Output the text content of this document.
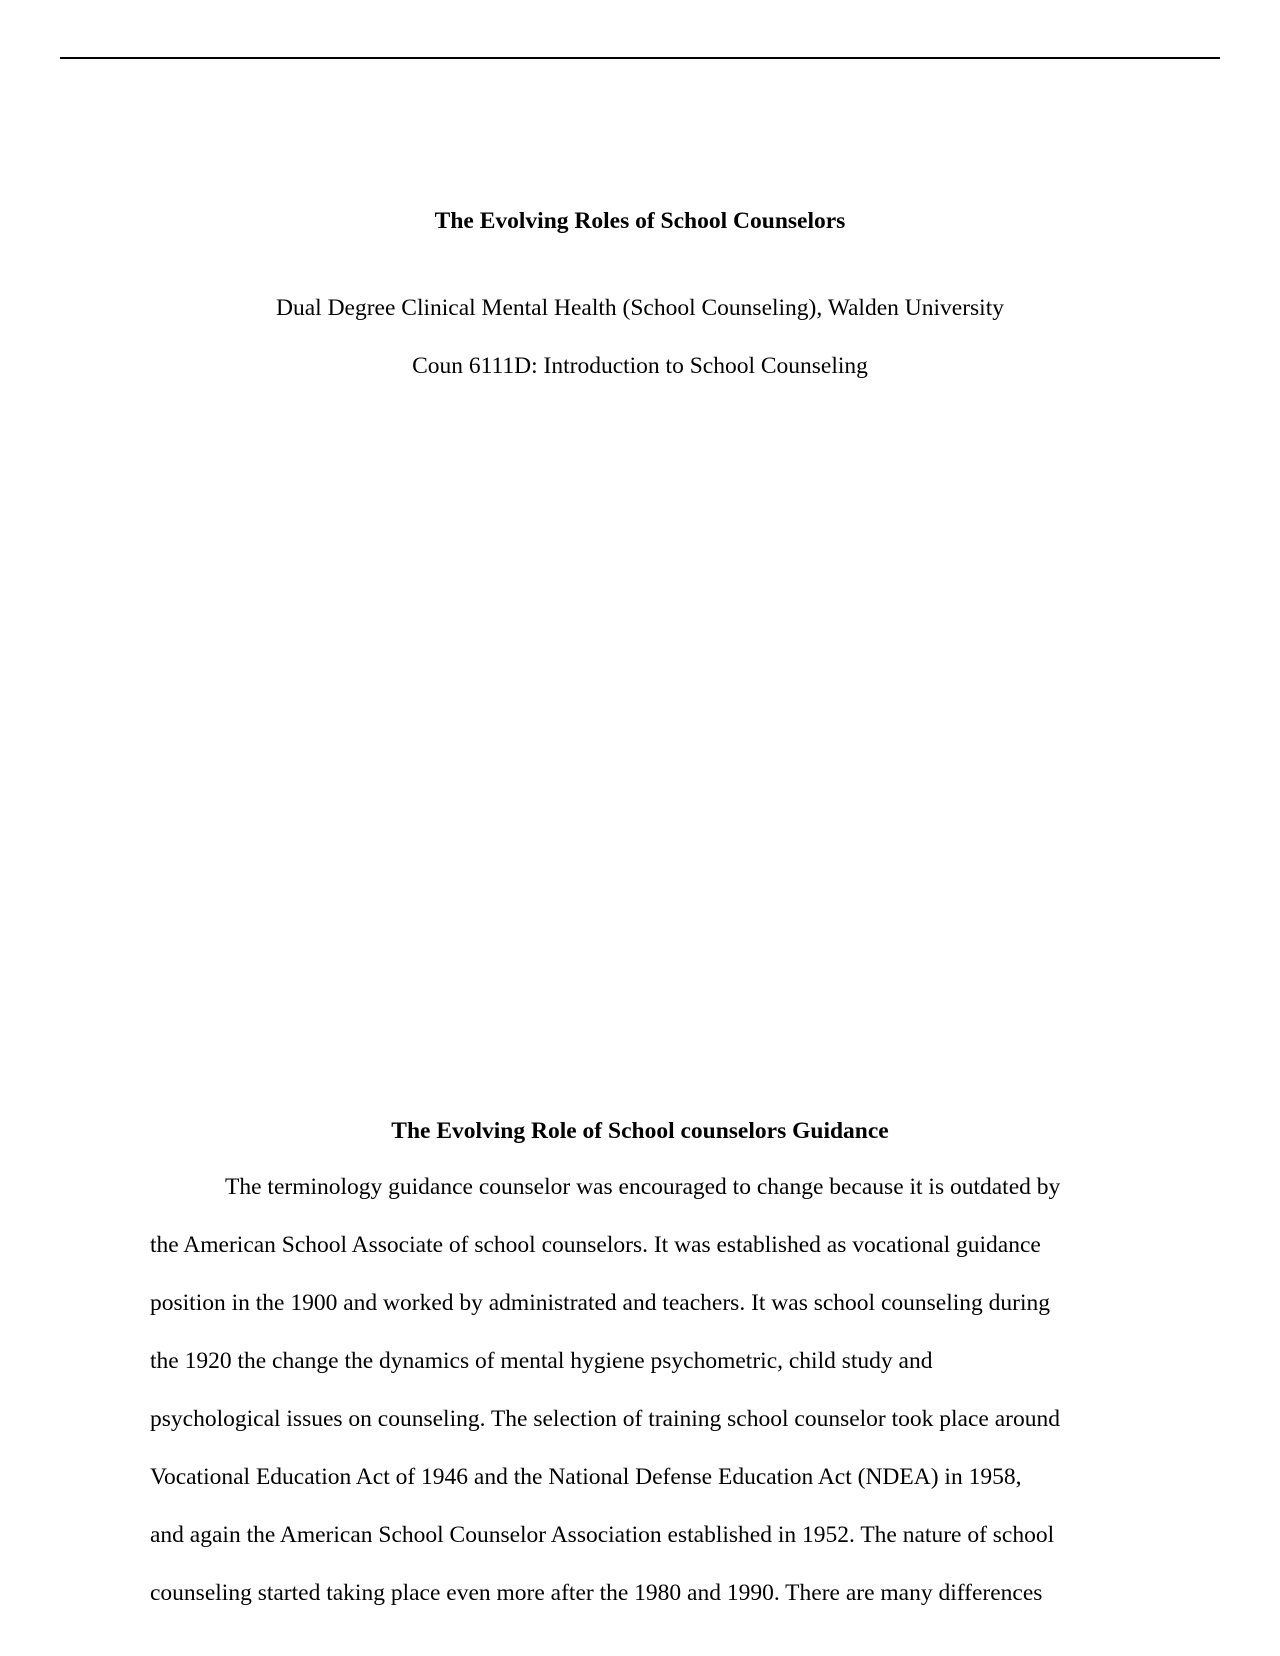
The Evolving Roles of School Counselors
Dual Degree Clinical Mental Health (School Counseling), Walden University
Coun 6111D: Introduction to School Counseling
The Evolving Role of School counselors Guidance
The terminology guidance counselor was encouraged to change because it is outdated by
the American School Associate of school counselors. It was established as vocational guidance
position in the 1900 and worked by administrated and teachers. It was school counseling during
the 1920 the change the dynamics of mental hygiene psychometric, child study and
psychological issues on counseling. The selection of training school counselor took place around
Vocational Education Act of 1946 and the National Defense Education Act (NDEA) in 1958,
and again the American School Counselor Association established in 1952. The nature of school
counseling started taking place even more after the 1980 and 1990. There are many differences
